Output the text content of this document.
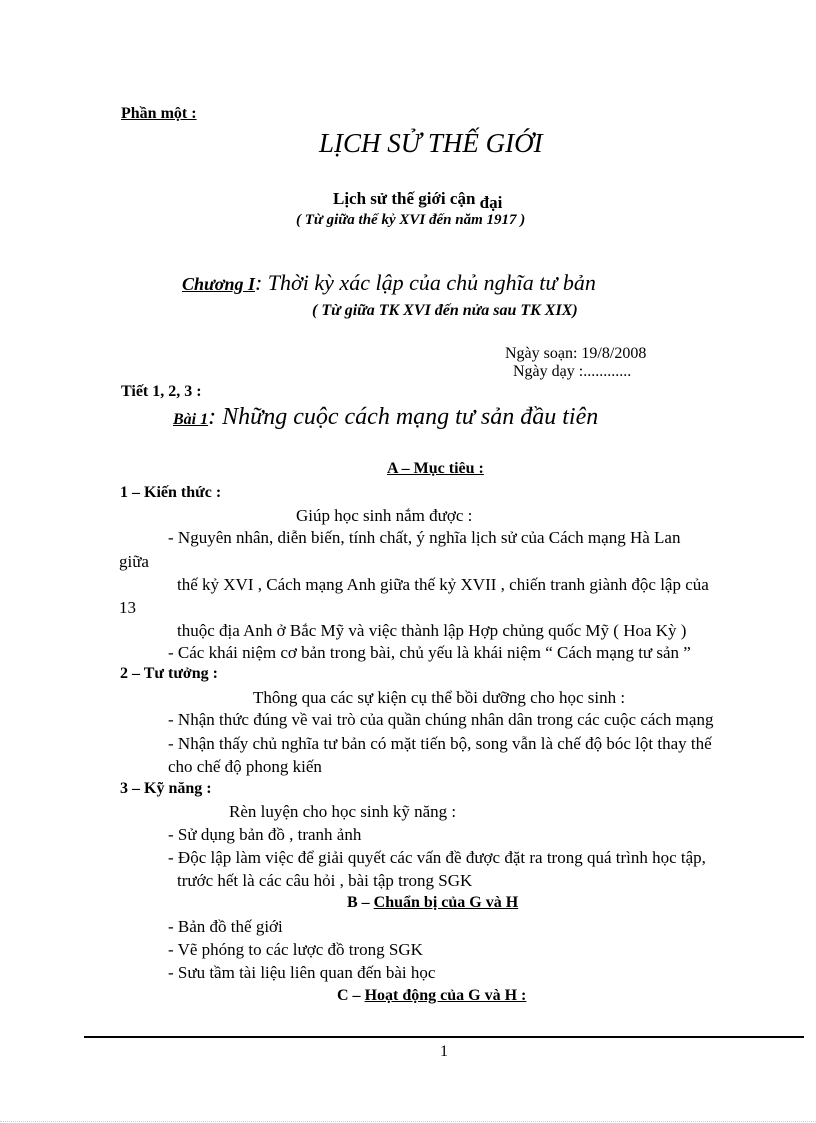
Phần một :
LỊCH SỬ THẾ GIỚI
Lịch sử thế giới cận đại
( Từ giữa thế kỷ XVI đến năm 1917 )
Chương I: Thời kỳ xác lập của chủ nghĩa tư bản
( Từ giữa TK XVI đến nửa sau TK XIX)
Ngày soạn: 19/8/2008
Ngày dạy :............
Tiết 1, 2, 3 :
Bài 1: Những cuộc cách mạng tư sản đầu tiên
A – Mục tiêu :
1 – Kiến thức :
Giúp học sinh nắm được :
- Nguyên nhân, diễn biến, tính chất, ý nghĩa lịch sử của Cách mạng Hà Lan
giữa
thế kỷ XVI , Cách mạng Anh giữa thế kỷ XVII , chiến tranh giành độc lập của
13
thuộc địa Anh ở Bắc Mỹ và việc thành lập Hợp chủng quốc Mỹ ( Hoa Kỳ )
- Các khái niệm cơ bản trong bài, chủ yếu là khái niệm “ Cách mạng tư sản ”
2 – Tư tưởng :
Thông qua các sự kiện cụ thể bồi dưỡng cho học sinh :
- Nhận thức đúng về vai trò của quần chúng nhân dân trong các cuộc cách mạng
- Nhận thấy chủ nghĩa tư bản có mặt tiến bộ, song vẫn là chế độ bóc lột thay thế
cho chế độ phong kiến
3 – Kỹ năng :
Rèn luyện cho học sinh kỹ năng :
- Sử dụng bản đồ , tranh ảnh
- Độc lập làm việc để giải quyết các vấn đề được đặt ra trong quá trình học tập,
trước hết là các câu hỏi , bài tập trong SGK
B – Chuẩn bị của G và H
- Bản đồ thế giới
- Vẽ phóng to các lược đồ trong SGK
- Sưu tầm tài liệu liên quan đến bài học
C – Hoạt động của G và H :
1
